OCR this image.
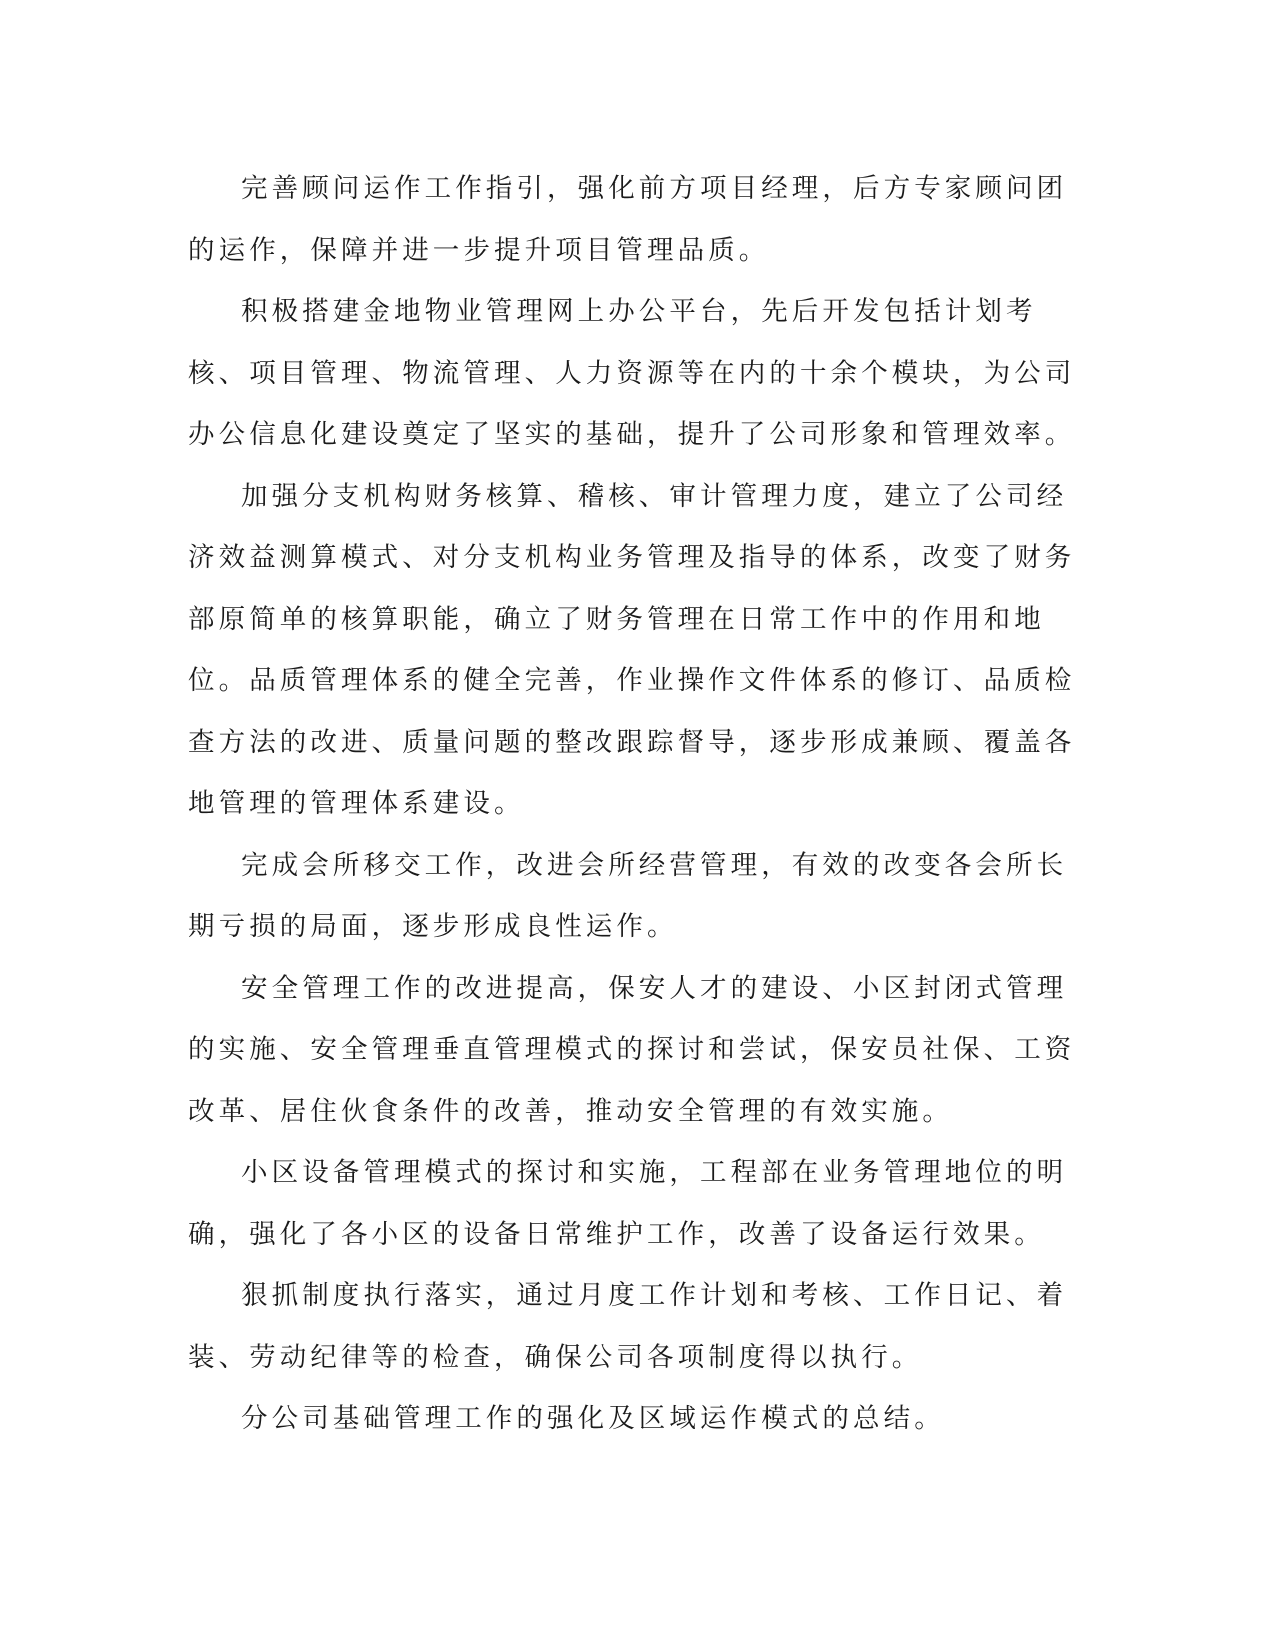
完善顾问运作工作指引，强化前方项目经理，后方专家顾问团的运作，保障并进一步提升项目管理品质。

积极搭建金地物业管理网上办公平台，先后开发包括计划考核、项目管理、物流管理、人力资源等在内的十余个模块，为公司办公信息化建设奠定了坚实的基础，提升了公司形象和管理效率。

加强分支机构财务核算、稽核、审计管理力度，建立了公司经济效益测算模式、对分支机构业务管理及指导的体系，改变了财务部原简单的核算职能，确立了财务管理在日常工作中的作用和地位。品质管理体系的健全完善，作业操作文件体系的修订、品质检查方法的改进、质量问题的整改跟踪督导，逐步形成兼顾、覆盖各地管理的管理体系建设。

完成会所移交工作，改进会所经营管理，有效的改变各会所长期亏损的局面，逐步形成良性运作。

安全管理工作的改进提高，保安人才的建设、小区封闭式管理的实施、安全管理垂直管理模式的探讨和尝试，保安员社保、工资改革、居住伙食条件的改善，推动安全管理的有效实施。

小区设备管理模式的探讨和实施，工程部在业务管理地位的明确，强化了各小区的设备日常维护工作，改善了设备运行效果。

狠抓制度执行落实，通过月度工作计划和考核、工作日记、着装、劳动纪律等的检查，确保公司各项制度得以执行。

分公司基础管理工作的强化及区域运作模式的总结。
